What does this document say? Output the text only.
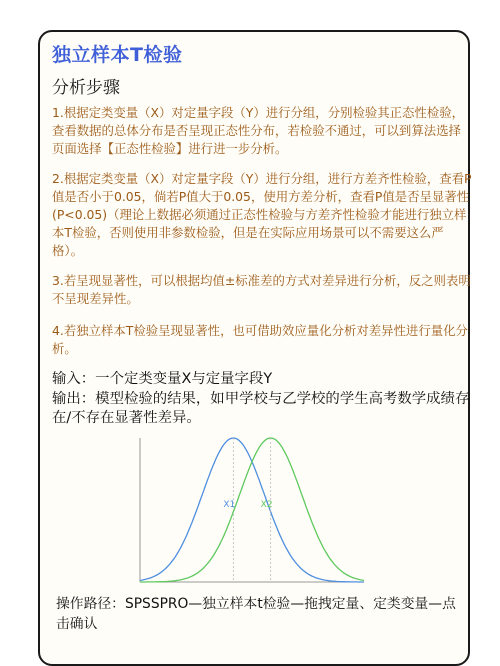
独立样本T检验
分析步骤
1.根据定类变量（X）对定量字段（Y）进行分组，分别检验其正态性检验，查看数据的总体分布是否呈现正态性分布，若检验不通过，可以到算法选择页面选择【正态性检验】进行进一步分析。
2.根据定类变量（X）对定量字段（Y）进行分组，进行方差齐性检验，查看P值是否小于0.05，倘若P值大于0.05，使用方差分析，查看P值是否呈显著性(P<0.05)（理论上数据必须通过正态性检验与方差齐性检验才能进行独立样本T检验，否则使用非参数检验，但是在实际应用场景可以不需要这么严格）。
3.若呈现显著性，可以根据均值±标准差的方式对差异进行分析，反之则表明不呈现差异性。
4.若独立样本T检验呈现显著性，也可借助效应量化分析对差异性进行量化分析。
输入：一个定类变量X与定量字段Y
输出：模型检验的结果，如甲学校与乙学校的学生高考数学成绩存在/不存在显著性差异。
X1	X2
操作路径：SPSSPRO—独立样本t检验—拖拽定量、定类变量—点击确认
